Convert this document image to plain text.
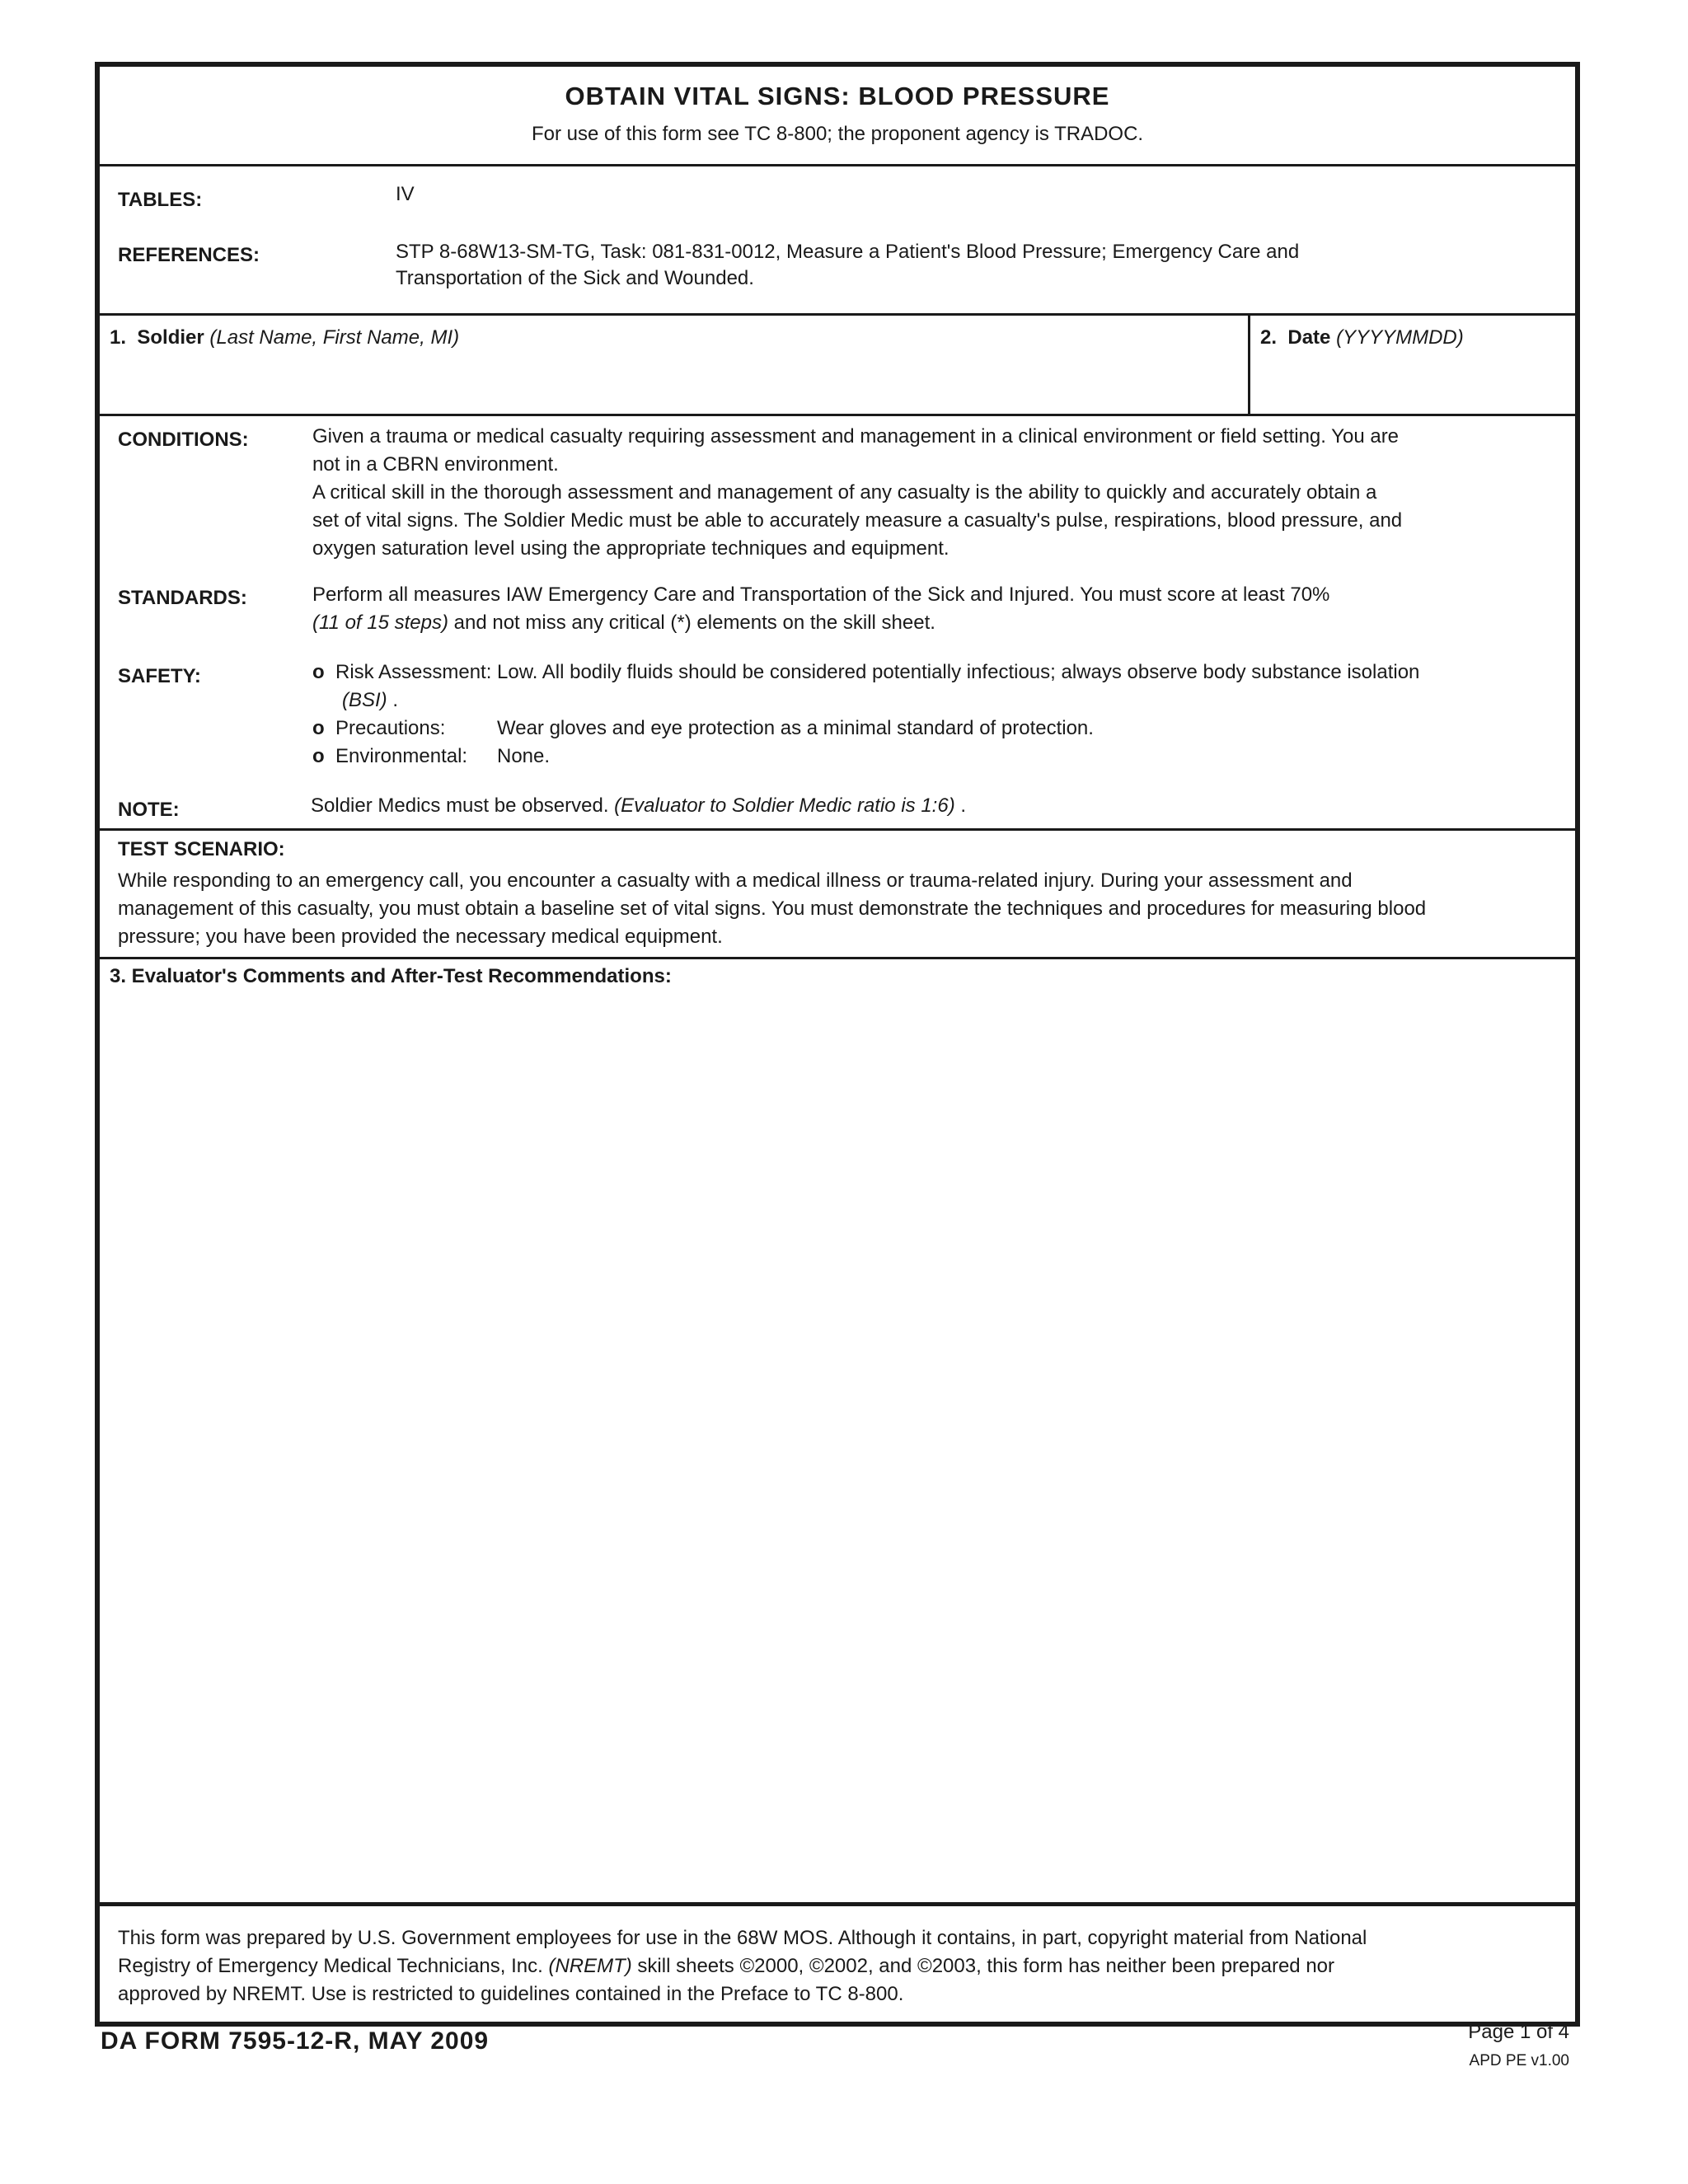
OBTAIN VITAL SIGNS: BLOOD PRESSURE
For use of this form see TC 8-800; the proponent agency is TRADOC.
TABLES:	IV
REFERENCES:	STP 8-68W13-SM-TG, Task: 081-831-0012, Measure a Patient's Blood Pressure; Emergency Care and
Transportation of the Sick and Wounded.
1. Soldier (Last Name, First Name, MI)	2. Date (YYYYMMDD)
CONDITIONS:	Given a trauma or medical casualty requiring assessment and management in a clinical environment or field setting. You are
not in a CBRN environment.
A critical skill in the thorough assessment and management of any casualty is the ability to quickly and accurately obtain a
set of vital signs. The Soldier Medic must be able to accurately measure a casualty's pulse, respirations, blood pressure, and
oxygen saturation level using the appropriate techniques and equipment.
STANDARDS:	Perform all measures IAW Emergency Care and Transportation of the Sick and Injured. You must score at least 70%
(11 of 15 steps) and not miss any critical (*) elements on the skill sheet.
SAFETY:	o Risk Assessment: Low. All bodily fluids should be considered potentially infectious; always observe body substance isolation
(BSI) .
o Precautions:	Wear gloves and eye protection as a minimal standard of protection.
o Environmental: None.
NOTE:	Soldier Medics must be observed. (Evaluator to Soldier Medic ratio is 1:6) .
TEST SCENARIO:
While responding to an emergency call, you encounter a casualty with a medical illness or trauma-related injury. During your assessment and
management of this casualty, you must obtain a baseline set of vital signs. You must demonstrate the techniques and procedures for measuring blood
pressure; you have been provided the necessary medical equipment.
3. Evaluator's Comments and After-Test Recommendations:
This form was prepared by U.S. Government employees for use in the 68W MOS. Although it contains, in part, copyright material from National
Registry of Emergency Medical Technicians, Inc. (NREMT) skill sheets ©2000, ©2002, and ©2003, this form has neither been prepared nor
approved by NREMT. Use is restricted to guidelines contained in the Preface to TC 8-800.
DA FORM 7595-12-R, MAY 2009	Page 1 of 4
APD PE v1.00
